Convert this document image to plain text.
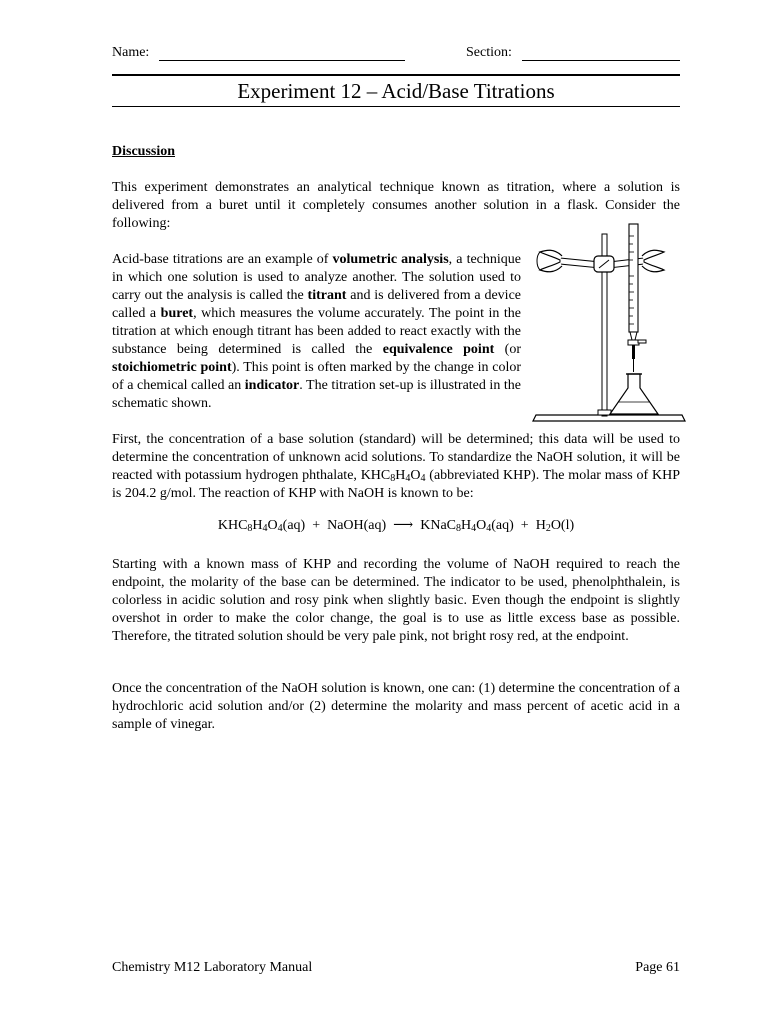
Name:	Section:
Experiment 12 – Acid/Base Titrations
Discussion

This experiment demonstrates an analytical technique known as titration, where a solution is delivered from a buret until it completely consumes another solution in a flask. Consider the following:

Acid-base titrations are an example of volumetric analysis, a technique in which one solution is used to analyze another. The solution used to carry out the analysis is called the titrant and is delivered from a device called a buret, which measures the volume accurately. The point in the titration at which enough titrant has been added to react exactly with the substance being determined is called the equivalence point (or stoichiometric point). This point is often marked by the change in color of a chemical called an indicator. The titration set-up is illustrated in the schematic shown.

First, the concentration of a base solution (standard) will be determined; this data will be used to determine the concentration of unknown acid solutions. To standardize the NaOH solution, it will be reacted with potassium hydrogen phthalate, $KHC_8H_4O_4$ (abbreviated KHP). The molar mass of KHP is 204.2 g/mol. The reaction of KHP with NaOH is known to be:

$KHC_8H_4O_4(aq)$  +  NaOH(aq)  ⟶  $KNaC_8H_4O_4(aq) + H_2O(l)$

Starting with a known mass of KHP and recording the volume of NaOH required to reach the endpoint, the molarity of the base can be determined. The indicator to be used, phenolphthalein, is colorless in acidic solution and rosy pink when slightly basic. Even though the endpoint is slightly overshot in order to make the color change, the goal is to use as little excess base as possible. Therefore, the titrated solution should be very pale pink, not bright rosy red, at the endpoint.

Once the concentration of the NaOH solution is known, one can: (1) determine the concentration of a hydrochloric acid solution and/or (2) determine the molarity and mass percent of acetic acid in a sample of vinegar.

Chemistry M12 Laboratory Manual	Page 61
